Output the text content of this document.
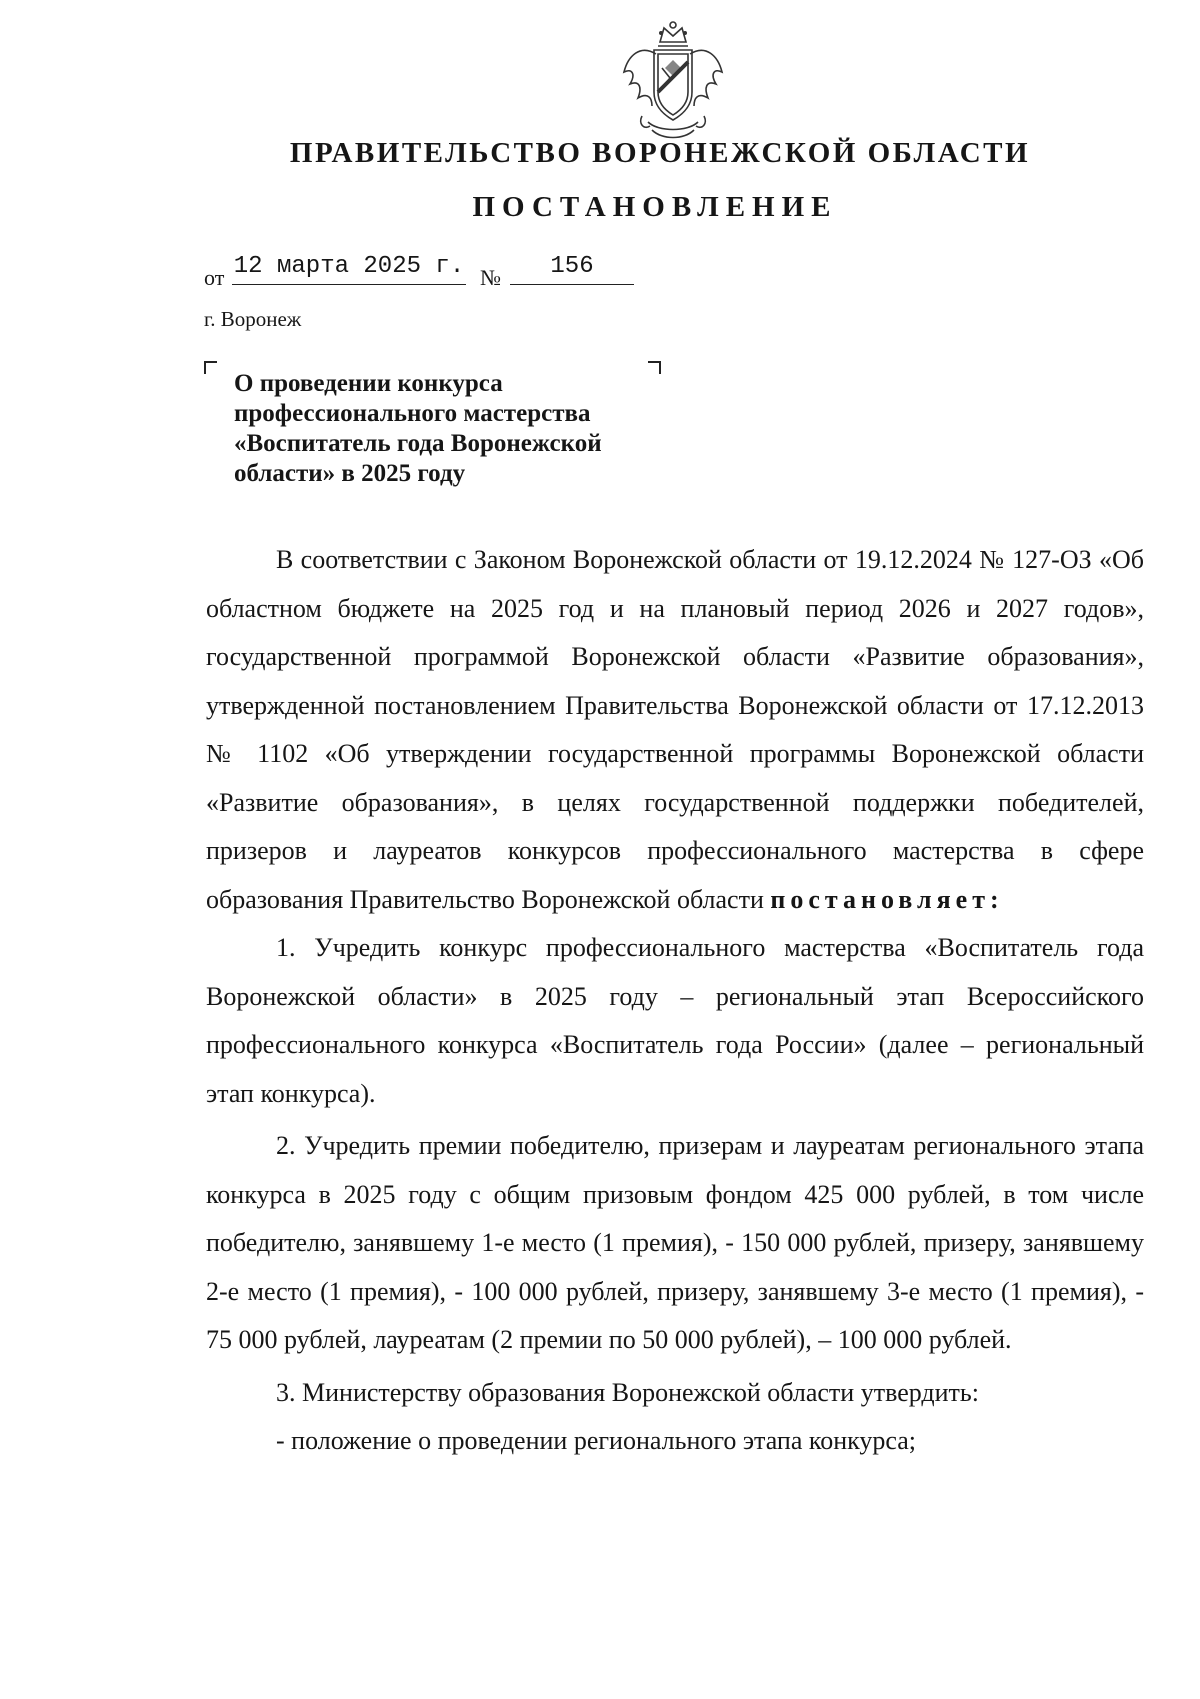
ПРАВИТЕЛЬСТВО ВОРОНЕЖСКОЙ ОБЛАСТИ
ПОСТАНОВЛЕНИЕ
от 12 марта 2025 г. №	156
г. Воронеж
О проведении конкурса
профессионального мастерства
«Воспитатель года Воронежской
области» в 2025 году

В соответствии с Законом Воронежской области от 19.12.2024 № 127-ОЗ «Об областном бюджете на 2025 год и на плановый период 2026 и 2027 годов», государственной программой Воронежской области «Развитие образования», утвержденной постановлением Правительства Воронежской области от 17.12.2013 № 1102 «Об утверждении государственной программы Воронежской области «Развитие образования», в целях государственной поддержки победителей, призеров и лауреатов конкурсов профессионального мастерства в сфере образования Правительство Воронежской области постановляет:

1. Учредить конкурс профессионального мастерства «Воспитатель года Воронежской области» в 2025 году – региональный этап Всероссийского профессионального конкурса «Воспитатель года России» (далее – региональный этап конкурса).

2. Учредить премии победителю, призерам и лауреатам регионального этапа конкурса в 2025 году с общим призовым фондом 425 000 рублей, в том числе победителю, занявшему 1-е место (1 премия), - 150 000 рублей, призеру, занявшему 2-е место (1 премия), - 100 000 рублей, призеру, занявшему 3-е место (1 премия), - 75 000 рублей, лауреатам (2 премии по 50 000 рублей), – 100 000 рублей.

3. Министерству образования Воронежской области утвердить:

- положение о проведении регионального этапа конкурса;
